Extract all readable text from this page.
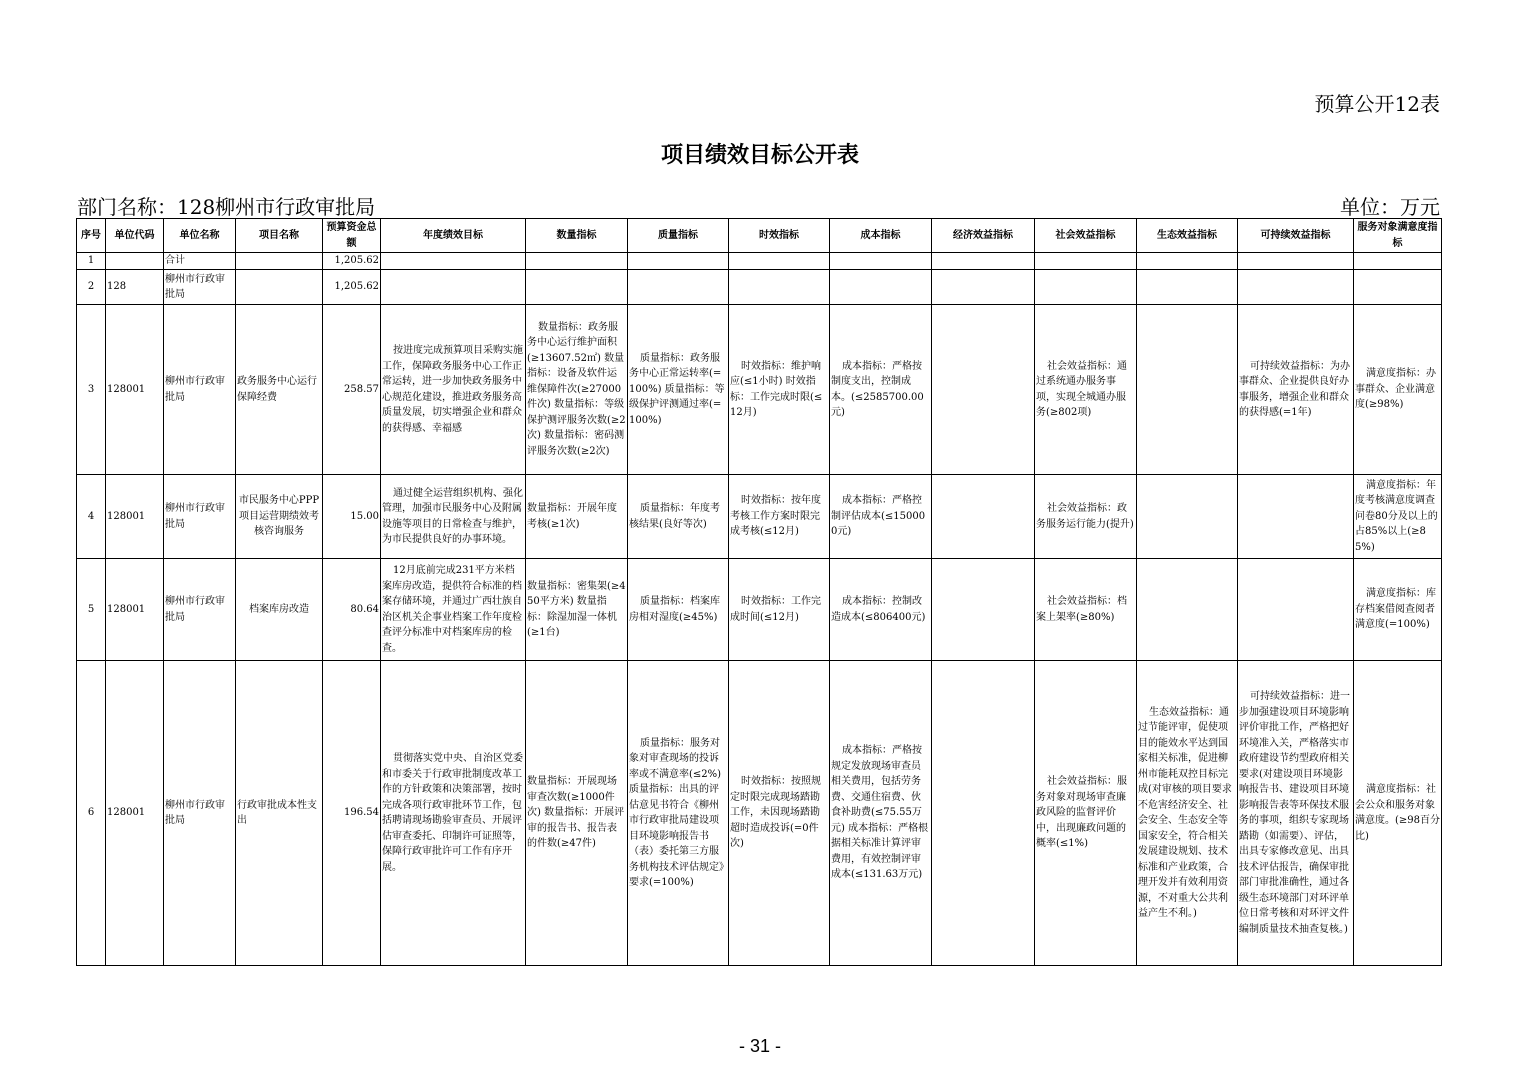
预算公开12表
项目绩效目标公开表
部门名称：128柳州市行政审批局	单位：万元
序号	单位代码	单位名称	项目名称	预算资金总额	年度绩效目标	数量指标	质量指标	时效指标	成本指标	经济效益指标	社会效益指标	生态效益指标	可持续效益指标	服务对象满意度指标
1		合计		1,205.62										
2	128	柳州市行政审批局		1,205.62										
3	128001	柳州市行政审批局	政务服务中心运行保障经费	258.57	按进度完成预算项目采购实施工作，保障政务服务中心工作正常运转，进一步加快政务服务中心规范化建设，推进政务服务高质量发展，切实增强企业和群众的获得感、幸福感	数量指标：政务服务中心运行维护面积(≥13607.52㎡) 数量指标：设备及软件运维保障件次(≥27000件次) 数量指标：等级保护测评服务次数(≥2次) 数量指标：密码测评服务次数(≥2次)	质量指标：政务服务中心正常运转率(=100%) 质量指标：等级保护评测通过率(=100%)	时效指标：维护响应(≤1小时) 时效指标：工作完成时限(≤12月)	成本指标：严格按制度支出，控制成本。(≤2585700.00元)		社会效益指标：通过系统通办服务事项，实现全城通办服务(≥802项)		可持续效益指标：为办事群众、企业提供良好办事服务，增强企业和群众的获得感(=1年)	满意度指标：办事群众、企业满意度(≥98%)
4	128001	柳州市行政审批局	市民服务中心PPP项目运营期绩效考核咨询服务	15.00	通过健全运营组织机构、强化管理，加强市民服务中心及附属设施等项目的日常检查与维护，为市民提供良好的办事环境。	数量指标：开展年度考核(≥1次)	质量指标：年度考核结果(良好等次)	时效指标：按年度考核工作方案时限完成考核(≤12月)	成本指标：严格控制评估成本(≤150000元)		社会效益指标：政务服务运行能力(提升)			满意度指标：年度考核满意度调查问卷80分及以上的占85%以上(≥85%)
5	128001	柳州市行政审批局	档案库房改造	80.64	12月底前完成231平方米档案库房改造，提供符合标准的档案存储环境，并通过广西壮族自治区机关企事业档案工作年度检查评分标准中对档案库房的检查。	数量指标：密集架(≥450平方米) 数量指标：除湿加湿一体机(≥1台)	质量指标：档案库房相对湿度(≥45%)	时效指标：工作完成时间(≤12月)	成本指标：控制改造成本(≤806400元)		社会效益指标：档案上架率(≥80%)			满意度指标：库存档案借阅查阅者满意度(=100%)
6	128001	柳州市行政审批局	行政审批成本性支出	196.54	贯彻落实党中央、自治区党委和市委关于行政审批制度改革工作的方针政策和决策部署，按时完成各项行政审批环节工作，包括聘请现场勘验审查员、开展评估审查委托、印制许可证照等，保障行政审批许可工作有序开展。	数量指标：开展现场审查次数(≥1000件次) 数量指标：开展评审的报告书、报告表的件数(≥47件)	质量指标：服务对象对审查现场的投诉率或不满意率(≤2%) 质量指标：出具的评估意见书符合《柳州市行政审批局建设项目环境影响报告书（表）委托第三方服务机构技术评估规定》要求(=100%)	时效指标：按照规定时限完成现场踏勘工作，未因现场踏勘超时造成投诉(=0件次)	成本指标：严格按规定发放现场审查员相关费用，包括劳务费、交通住宿费、伙食补助费(≤75.55万元) 成本指标：严格根据相关标准计算评审费用，有效控制评审成本(≤131.63万元)		社会效益指标：服务对象对现场审查廉政风险的监督评价中，出现廉政问题的概率(≤1%)	生态效益指标：通过节能评审，促使项目的能效水平达到国家相关标准，促进柳州市能耗双控目标完成(对审核的项目要求不危害经济安全、社会安全、生态安全等国家安全，符合相关发展建设规划、技术标准和产业政策，合理开发并有效利用资源，不对重大公共利益产生不利。)	可持续效益指标：进一步加强建设项目环境影响评价审批工作，严格把好环境准入关，严格落实市政府建设节约型政府相关要求(对建设项目环境影响报告书、建设项目环境影响报告表等环保技术服务的事项，组织专家现场踏勘（如需要）、评估，出具专家修改意见、出具技术评估报告，确保审批部门审批准确性，通过各级生态环境部门对环评单位日常考核和对环评文件编制质量技术抽查复核。)	满意度指标：社会公众和服务对象满意度。(≥98百分比)
- 31 -
